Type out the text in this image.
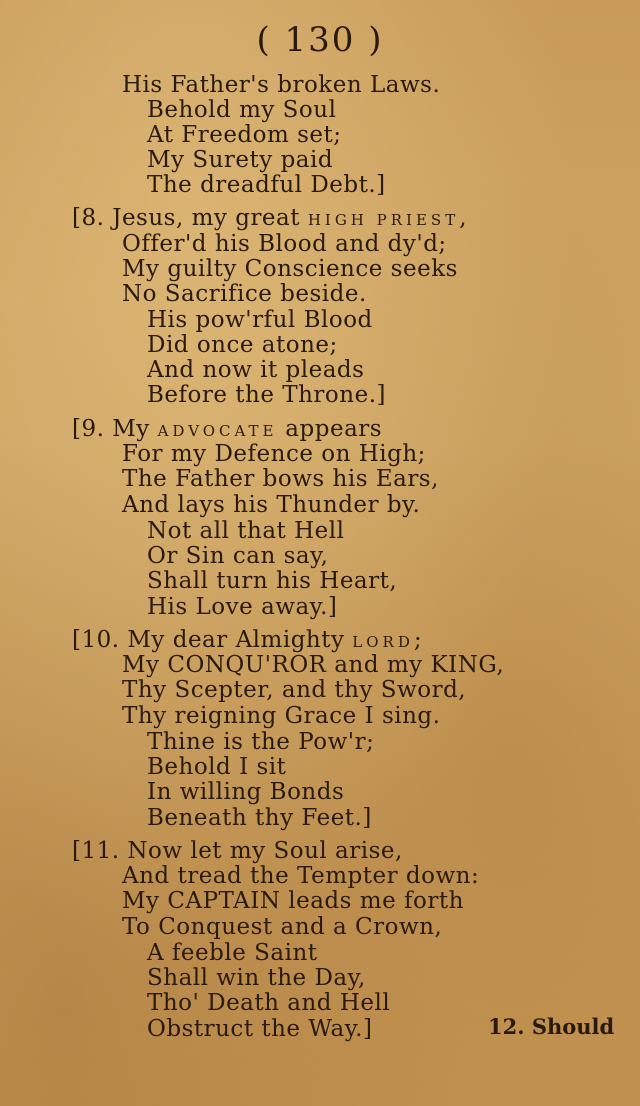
( 130 )
His Father's broken Laws.
Behold my Soul
At Freedom set;
My Surety paid
The dreadful Debt.]
[8. Jesus, my great HIGH PRIEST,
Offer'd his Blood and dy'd;
My guilty Conscience seeks
No Sacrifice beside.
His pow'rful Blood
Did once atone;
And now it pleads
Before the Throne.]
[9. My ADVOCATE appears
For my Defence on High;
The Father bows his Ears,
And lays his Thunder by.
Not all that Hell
Or Sin can say,
Shall turn his Heart,
His Love away.]
[10. My dear Almighty LORD;
My CONQU'ROR and my KING,
Thy Scepter, and thy Sword,
Thy reigning Grace I sing.
Thine is the Pow'r;
Behold I sit
In willing Bonds
Beneath thy Feet.]
[11. Now let my Soul arise,
And tread the Tempter down:
My CAPTAIN leads me forth
To Conquest and a Crown,
A feeble Saint
Shall win the Day,
Tho' Death and Hell
Obstruct the Way.]	12. Should
